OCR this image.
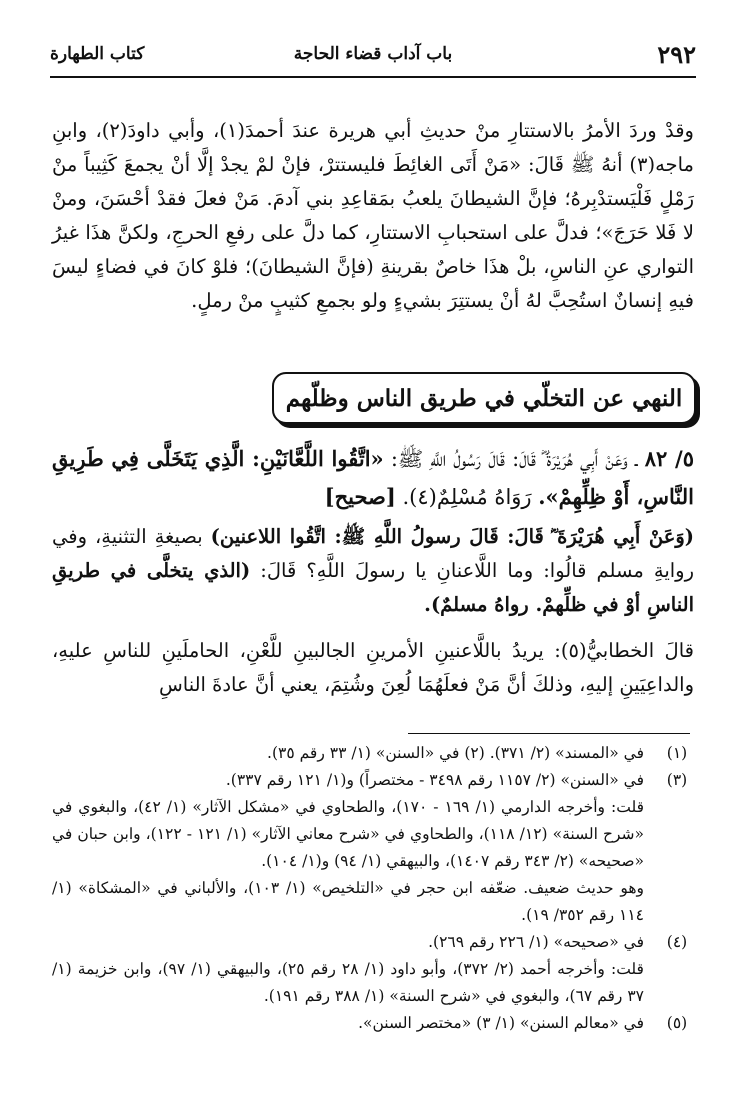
٢٩٢
باب آداب قضاء الحاجة
كتاب الطهارة
وقدْ وردَ الأمرُ بالاستتارِ منْ حديثِ أبي هريرة عندَ أحمدَ(١)، وأبي داودَ(٢)، وابنِ ماجه(٣) أنهُ ﷺ قَالَ: «مَنْ أَتَى الغائِطَ فليستترْ، فإنْ لمْ يجدْ إلَّا أنْ يجمعَ كَثِيباً منْ رَمْلٍ فَلْيَستدْبِرهُ؛ فإنَّ الشيطانَ يلعبُ بمَقاعِدِ بني آدمَ. مَنْ فعلَ فقدْ أحْسَنَ، ومنْ لا فَلا حَرَجَ»؛ فدلَّ على استحبابِ الاستتارِ، كما دلَّ على رفعِ الحرجِ، ولكنَّ هذَا غيرُ التواري عنِ الناسِ، بلْ هذَا خاصٌ بقرينةِ (فإنَّ الشيطانَ)؛ فلوْ كانَ في فضاءٍ ليسَ فيهِ إنسانٌ استُحِبَّ لهُ أنْ يستتِرَ بشيءٍ ولو بجمعِ كثيبٍ منْ رملٍ.
النهي عن التخلّي في طريق الناس وظلّهم
٥/ ٨٢ ـ وَعَنْ أَبِي هُرَيْرَةَ ؓ قَالَ: قَالَ رَسُولُ اللَّهِ ﷺ: «اتَّقُوا اللَّعَّانَيْنِ: الَّذِي يَتَخَلَّى فِي طَرِيقِ النَّاسِ، أَوْ ظِلِّهِمْ». رَوَاهُ مُسْلِمٌ(٤). [صحيح]
(وَعَنْ أَبِي هُرَيْرَةَ ؓ قَالَ: قَالَ رسولُ اللَّهِ ﷺ: اتَّقُوا اللاعنين) بصيغةِ التثنيةِ، وفي روايةِ مسلم قالُوا: وما اللَّاعنانِ يا رسولَ اللَّهِ؟ قَالَ: (الذي يتخلَّى في طريقِ الناسِ أوْ في ظلِّهمْ. رواهُ مسلمٌ).
قالَ الخطابيُّ(٥): يريدُ باللَّاعنينِ الأمرينِ الجالبينِ للَّعْنِ، الحاملَينِ للناسِ عليهِ، والداعِيَينِ إليهِ، وذلكَ أنَّ مَنْ فعلَهُمَا لُعِنَ وشُتِمَ، يعني أنَّ عادةَ الناسِ
(١)
في «المسند» (٢/ ٣٧١). (٢) في «السنن» (١/ ٣٣ رقم ٣٥).
(٣)
في «السنن» (٢/ ١١٥٧ رقم ٣٤٩٨ - مختصراً) و(١/ ١٢١ رقم ٣٣٧).
قلت: وأخرجه الدارمي (١/ ١٦٩ - ١٧٠)، والطحاوي في «مشكل الآثار» (١/ ٤٢)، والبغوي في «شرح السنة» (١٢/ ١١٨)، والطحاوي في «شرح معاني الآثار» (١/ ١٢١ - ١٢٢)، وابن حبان في «صحيحه» (٢/ ٣٤٣ رقم ١٤٠٧)، والبيهقي (١/ ٩٤) و(١/ ١٠٤).
وهو حديث ضعيف. ضعّفه ابن حجر في «التلخيص» (١/ ١٠٣)، والألباني في «المشكاة» (١/ ١١٤ رقم ٣٥٢/ ١٩).
(٤)
في «صحيحه» (١/ ٢٢٦ رقم ٢٦٩).
قلت: وأخرجه أحمد (٢/ ٣٧٢)، وأبو داود (١/ ٢٨ رقم ٢٥)، والبيهقي (١/ ٩٧)، وابن خزيمة (١/ ٣٧ رقم ٦٧)، والبغوي في «شرح السنة» (١/ ٣٨٨ رقم ١٩١).
(٥)
في «معالم السنن» (١/ ٣) «مختصر السنن».
